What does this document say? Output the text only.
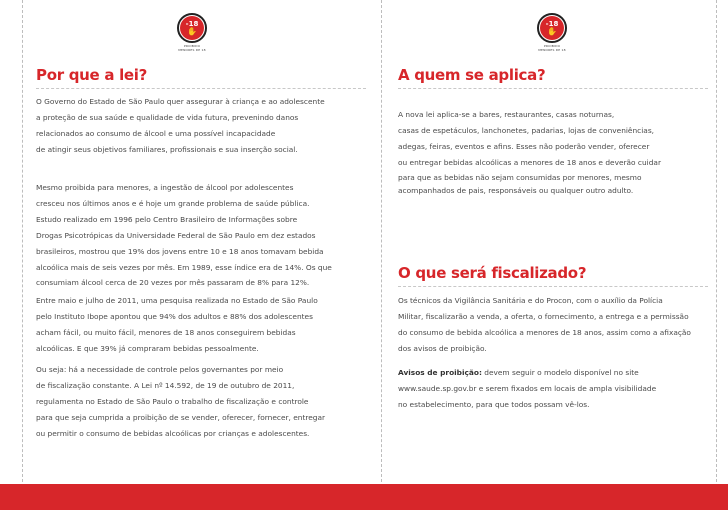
-18
✋
PROIBIDO
MENORES DE 18
-18
✋
PROIBIDO
MENORES DE 18
Por que a lei?
O Governo do Estado de São Paulo quer assegurar à criança e ao adolescente
a proteção de sua saúde e qualidade de vida futura, prevenindo danos
relacionados ao consumo de álcool e uma possível incapacidade
de atingir seus objetivos familiares, profissionais e sua inserção social.
Mesmo proibida para menores, a ingestão de álcool por adolescentes
cresceu nos últimos anos e é hoje um grande problema de saúde pública.
Estudo realizado em 1996 pelo Centro Brasileiro de Informações sobre
Drogas Psicotrópicas da Universidade Federal de São Paulo em dez estados
brasileiros, mostrou que 19% dos jovens entre 10 e 18 anos tomavam bebida
alcoólica mais de seis vezes por mês. Em 1989, esse índice era de 14%. Os que
consumiam álcool cerca de 20 vezes por mês passaram de 8% para 12%.
Entre maio e julho de 2011, uma pesquisa realizada no Estado de São Paulo
pelo Instituto Ibope apontou que 94% dos adultos e 88% dos adolescentes
acham fácil, ou muito fácil, menores de 18 anos conseguirem bebidas
alcoólicas. E que 39% já compraram bebidas pessoalmente.
Ou seja: há a necessidade de controle pelos governantes por meio
de fiscalização constante. A Lei nº 14.592, de 19 de outubro de 2011,
regulamenta no Estado de São Paulo o trabalho de fiscalização e controle
para que seja cumprida a proibição de se vender, oferecer, fornecer, entregar
ou permitir o consumo de bebidas alcoólicas por crianças e adolescentes.
A quem se aplica?
A nova lei aplica-se a bares, restaurantes, casas noturnas,
casas de espetáculos, lanchonetes, padarias, lojas de conveniências,
adegas, feiras, eventos e afins. Esses não poderão vender, oferecer
ou entregar bebidas alcoólicas a menores de 18 anos e deverão cuidar
para que as bebidas não sejam consumidas por menores, mesmo
acompanhados de pais, responsáveis ou qualquer outro adulto.
O que será fiscalizado?
Os técnicos da Vigilância Sanitária e do Procon, com o auxílio da Polícia
Militar, fiscalizarão a venda, a oferta, o fornecimento, a entrega e a permissão
do consumo de bebida alcoólica a menores de 18 anos, assim como a afixação
dos avisos de proibição.
Avisos de proibição: devem seguir o modelo disponível no site
www.saude.sp.gov.br e serem fixados em locais de ampla visibilidade
no estabelecimento, para que todos possam vê-los.
